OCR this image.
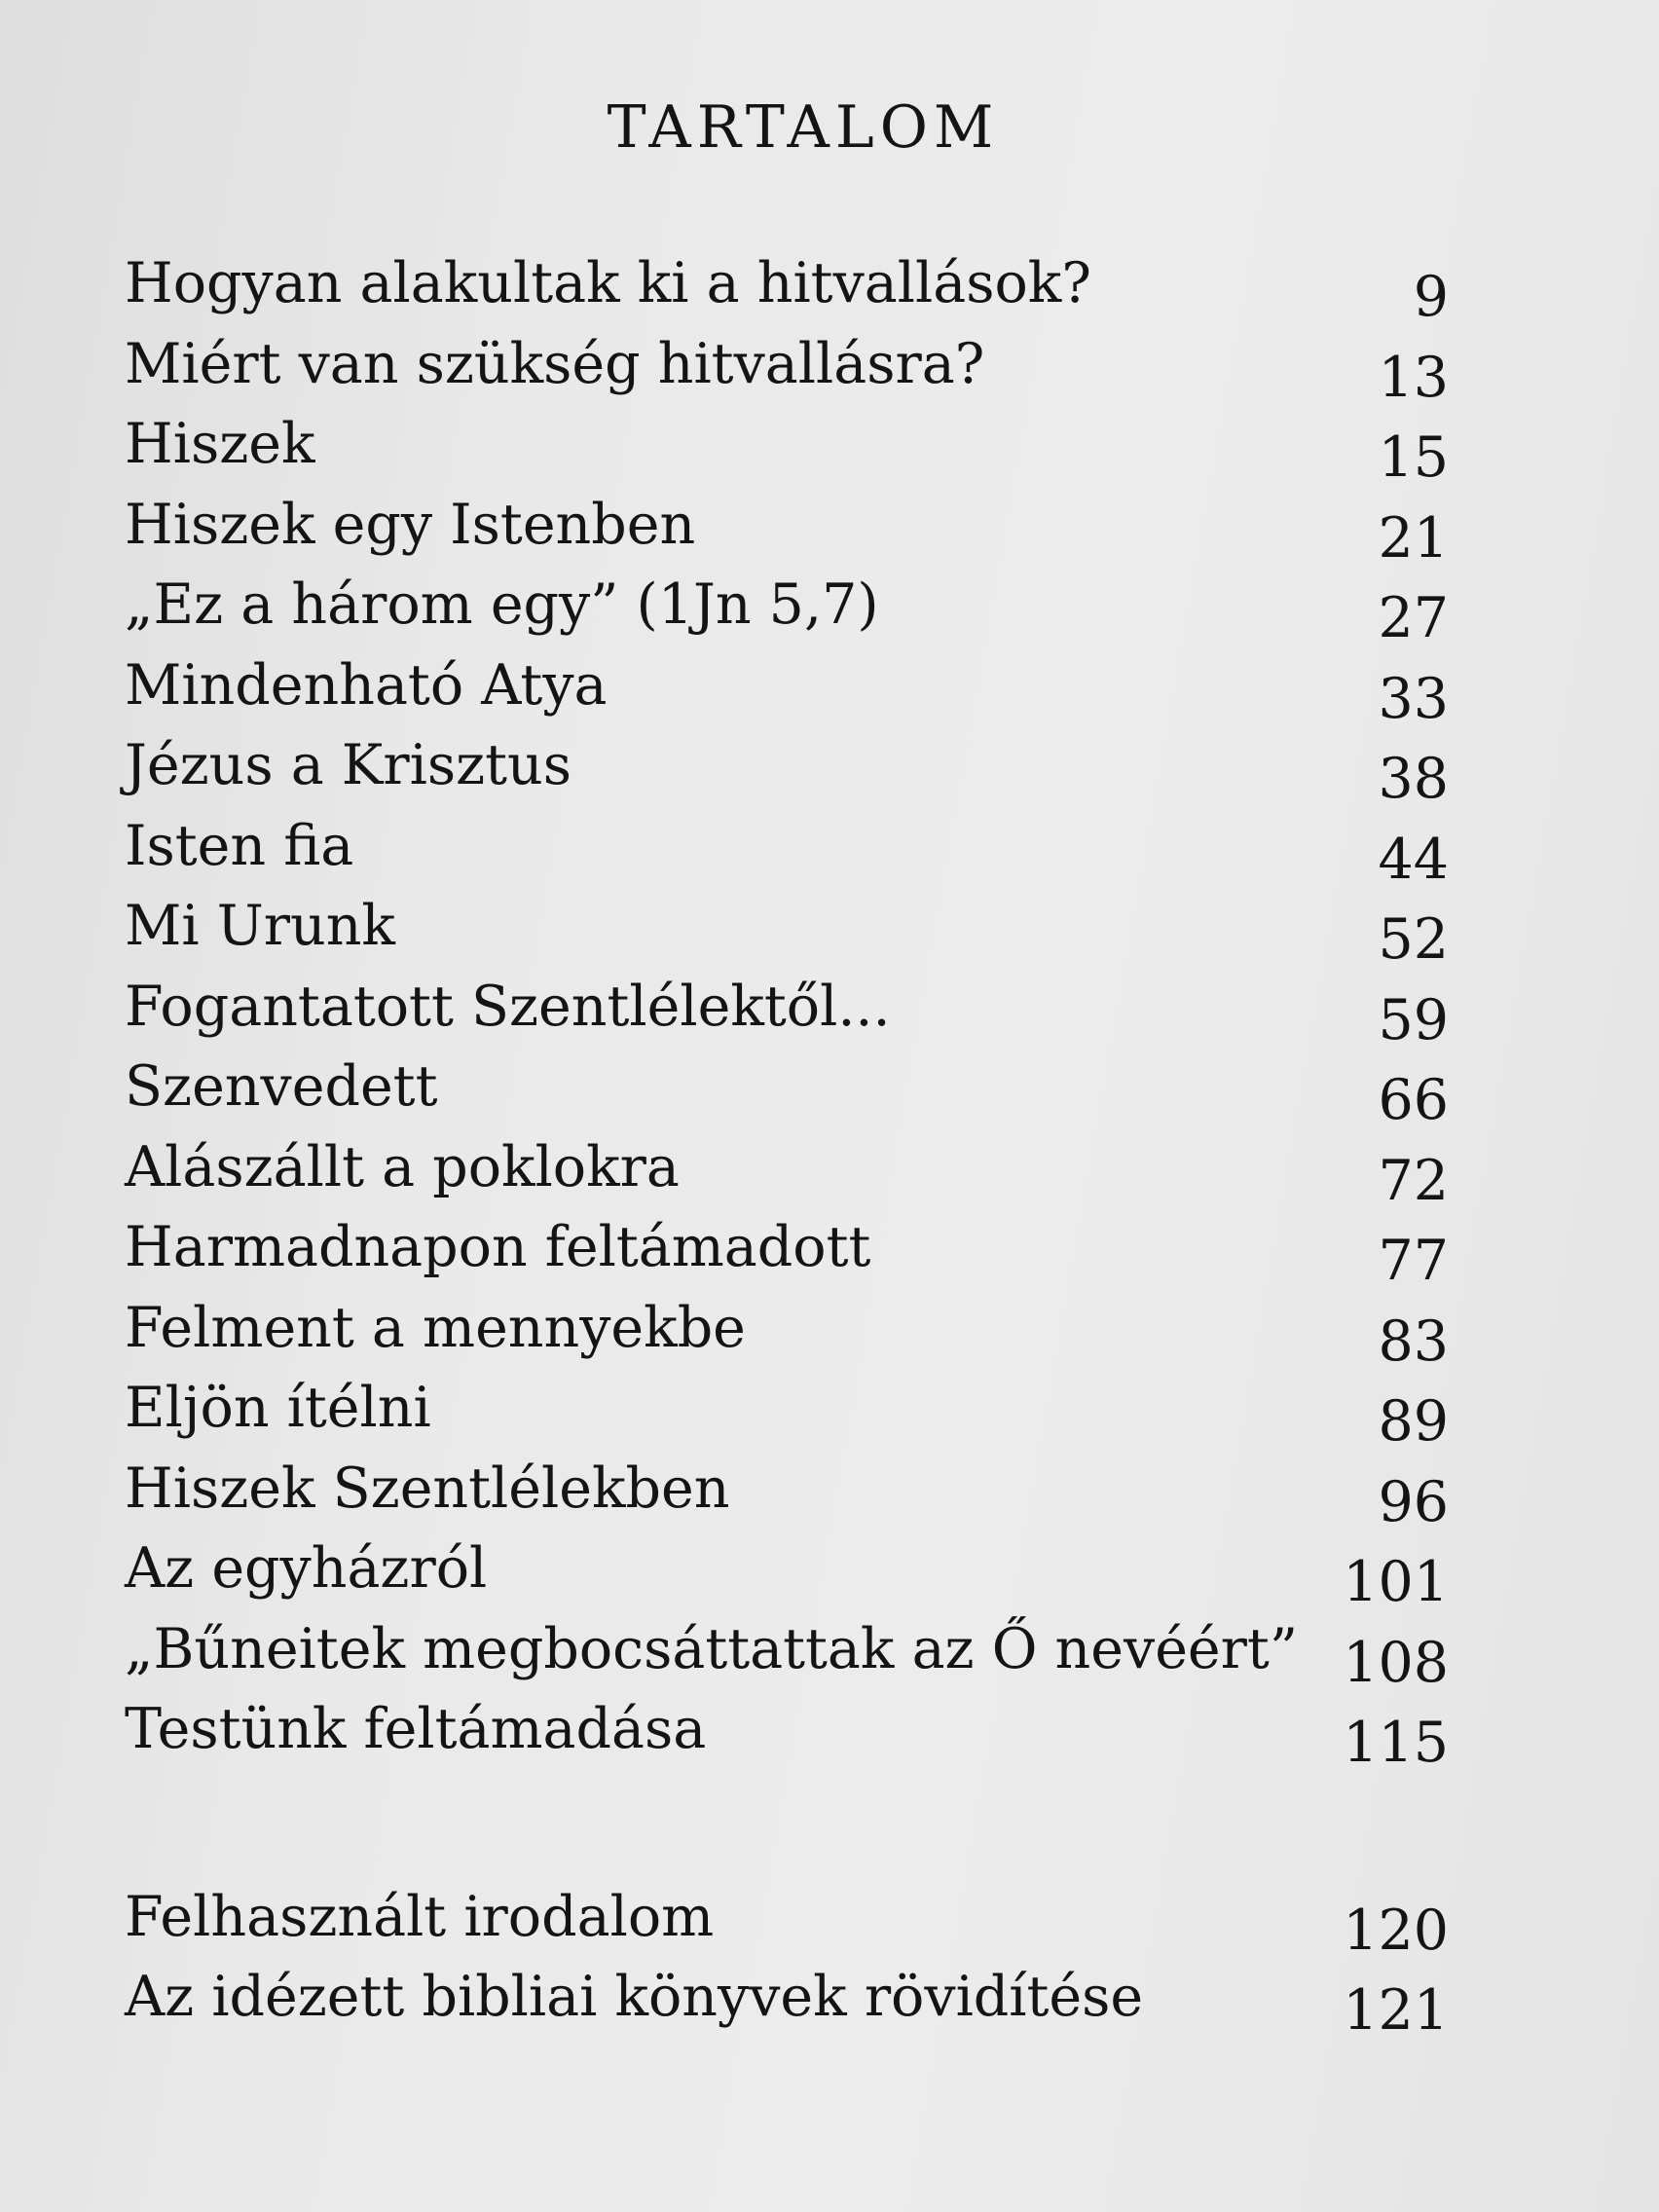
TARTALOM
Hogyan alakultak ki a hitvallások?	9
Miért van szükség hitvallásra?	13
Hiszek	15
Hiszek egy Istenben	21
„Ez a három egy” (1Jn 5,7)	27
Mindenható Atya	33
Jézus a Krisztus	38
Isten fia	44
Mi Urunk	52
Fogantatott Szentlélektől...	59
Szenvedett	66
Alászállt a poklokra	72
Harmadnapon feltámadott	77
Felment a mennyekbe	83
Eljön ítélni	89
Hiszek Szentlélekben	96
Az egyházról	101
„Bűneitek megbocsáttattak az Ő nevéért” 108
Testünk feltámadása	115
Felhasznált irodalom	120
Az idézett bibliai könyvek rövidítése	121
